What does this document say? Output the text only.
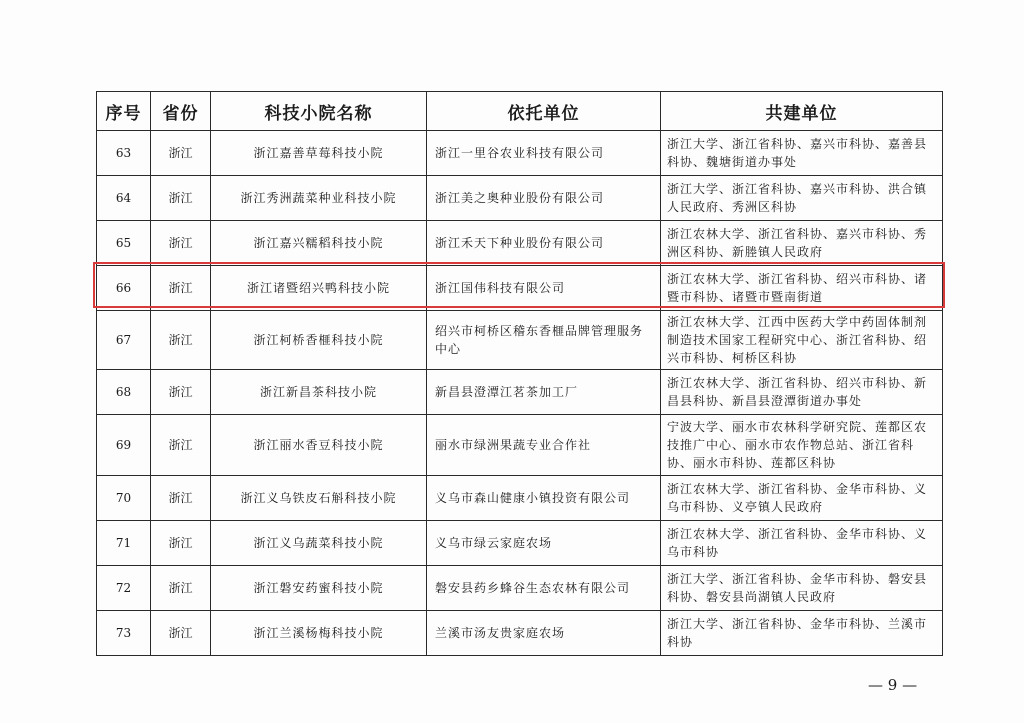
序号	省份	科技小院名称	依托单位	共建单位
63	浙江	浙江嘉善草莓科技小院	浙江一里谷农业科技有限公司	浙江大学、浙江省科协、嘉兴市科协、嘉善县科协、魏塘街道办事处
64	浙江	浙江秀洲蔬菜种业科技小院	浙江美之奥种业股份有限公司	浙江大学、浙江省科协、嘉兴市科协、洪合镇人民政府、秀洲区科协
65	浙江	浙江嘉兴糯稻科技小院	浙江禾天下种业股份有限公司	浙江农林大学、浙江省科协、嘉兴市科协、秀洲区科协、新塍镇人民政府
66	浙江	浙江诸暨绍兴鸭科技小院	浙江国伟科技有限公司	浙江农林大学、浙江省科协、绍兴市科协、诸暨市科协、诸暨市暨南街道
67	浙江	浙江柯桥香榧科技小院	绍兴市柯桥区稽东香榧品牌管理服务中心	浙江农林大学、江西中医药大学中药固体制剂制造技术国家工程研究中心、浙江省科协、绍兴市科协、柯桥区科协
68	浙江	浙江新昌茶科技小院	新昌县澄潭江茗茶加工厂	浙江农林大学、浙江省科协、绍兴市科协、新昌县科协、新昌县澄潭街道办事处
69	浙江	浙江丽水香豆科技小院	丽水市绿洲果蔬专业合作社	宁波大学、丽水市农林科学研究院、莲都区农技推广中心、丽水市农作物总站、浙江省科协、丽水市科协、莲都区科协
70	浙江	浙江义乌铁皮石斛科技小院	义乌市森山健康小镇投资有限公司	浙江农林大学、浙江省科协、金华市科协、义乌市科协、义亭镇人民政府
71	浙江	浙江义乌蔬菜科技小院	义乌市绿云家庭农场	浙江农林大学、浙江省科协、金华市科协、义乌市科协
72	浙江	浙江磐安药蜜科技小院	磐安县药乡蜂谷生态农林有限公司	浙江大学、浙江省科协、金华市科协、磐安县科协、磐安县尚湖镇人民政府
73	浙江	浙江兰溪杨梅科技小院	兰溪市汤友贵家庭农场	浙江大学、浙江省科协、金华市科协、兰溪市科协
— 9 —
